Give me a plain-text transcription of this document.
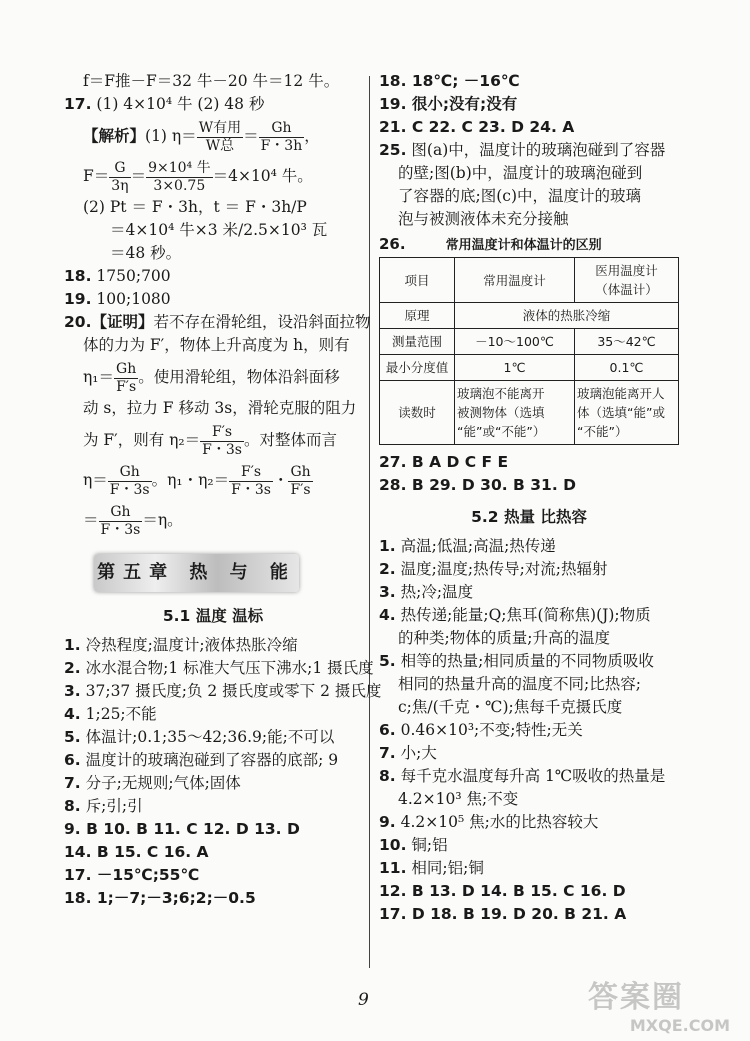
f＝F推－F＝32 牛－20 牛＝12 牛。
17. (1) 4×10⁴ 牛 (2) 48 秒
【解析】(1) η＝ W有用
W总
＝ $\frac{Gh}{F・3h}$ ，
$F= \frac{G}{3\eta} = 9\times 10^4$ 牛
3×0.75
＝4×10⁴ 牛。
(2) Pt ＝ F・3h，t ＝ F・3h/P
＝4×10⁴ 牛×3 米/2.5×10³ 瓦
＝48 秒。
18. 1750;700
19. 100;1080
20.【证明】若不存在滑轮组，设沿斜面拉物
体的力为 F′，物体上升高度为 h，则有
$\eta_1= \frac{Gh}{F's}$ 。使用滑轮组，物体沿斜面移
动 s，拉力 F 移动 3s，滑轮克服的阻力
为 F′，则有 $\eta_2= \frac{F's}{F・3s}$ 。对整体而言
$\eta= \frac{Gh}{F・3s}$ 。η₁・$\eta_2= \frac{F's}{F・3s}$ ・ $\frac{Gh}{F's}$
＝ $\frac{Gh}{F・3s} =\eta$。
第五章 热 与 能
5.1 温度 温标
1. 冷热程度;温度计;液体热胀冷缩
2. 冰水混合物;1 标准大气压下沸水;1 摄氏度
3. 37;37 摄氏度;负 2 摄氏度或零下 2 摄氏度
4. 1;25;不能
5. 体温计;0.1;35～42;36.9;能;不可以
6. 温度计的玻璃泡碰到了容器的底部; 9
7. 分子;无规则;气体;固体
8. 斥;引;引
9. B 10. B 11. C 12. D 13. D
14. B 15. C 16. A
17. －15℃;55℃
18. 1;－7;－3;6;2;－0.5
18. 18℃; －16℃
19. 很小;没有;没有
21. C 22. C 23. D 24. A
25. 图(a)中，温度计的玻璃泡碰到了容器
的壁;图(b)中，温度计的玻璃泡碰到
了容器的底;图(c)中，温度计的玻璃
泡与被测液体未充分接触
26.	常用温度计和体温计的区别
项目	常用温度计	医用温度计
（体温计）
原理	液体的热胀冷缩	
测量范围	－10～100℃	35～42℃
最小分度值	1℃	0.1℃
读数时	玻璃泡不能离开
被测物体（选填
“能”或“不能”）	玻璃泡能离开人
体（选填“能”或
“不能”）
27. B A D C F E
28. B 29. D 30. B 31. D
5.2 热量 比热容
1. 高温;低温;高温;热传递
2. 温度;温度;热传导;对流;热辐射
3. 热;冷;温度
4. 热传递;能量;Q;焦耳(简称焦)(J);物质
的种类;物体的质量;升高的温度
5. 相等的热量;相同质量的不同物质吸收
相同的热量升高的温度不同;比热容;
c;焦/(千克・℃);焦每千克摄氏度
6. 0.46×10³;不变;特性;无关
7. 小;大
8. 每千克水温度每升高 1℃吸收的热量是
4.2×10³ 焦;不变
9. 4.2×10⁵ 焦;水的比热容较大
10. 铜;铝
11. 相同;铝;铜
12. B 13. D 14. B 15. C 16. D
17. D 18. B 19. D 20. B 21. A
9	答案圈
MXQE.COM
